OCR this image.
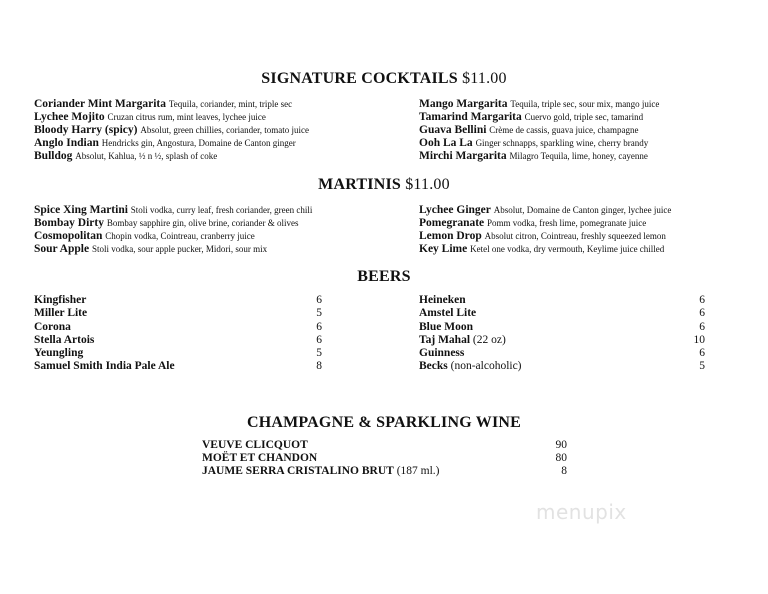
SIGNATURE COCKTAILS $11.00
Coriander Mint Margarita Tequila, coriander, mint, triple sec
Lychee Mojito Cruzan citrus rum, mint leaves, lychee juice
Bloody Harry (spicy) Absolut, green chillies, coriander, tomato juice
Anglo Indian Hendricks gin, Angostura, Domaine de Canton ginger
Bulldog Absolut, Kahlua, ½ n ½, splash of coke
Mango Margarita Tequila, triple sec, sour mix, mango juice
Tamarind Margarita Cuervo gold, triple sec, tamarind
Guava Bellini Crème de cassis, guava juice, champagne
Ooh La La Ginger schnapps, sparkling wine, cherry brandy
Mirchi Margarita Milagro Tequila, lime, honey, cayenne
MARTINIS $11.00
Spice Xing Martini Stoli vodka, curry leaf, fresh coriander, green chili
Bombay Dirty Bombay sapphire gin, olive brine, coriander & olives
Cosmopolitan Chopin vodka, Cointreau, cranberry juice
Sour Apple Stoli vodka, sour apple pucker, Midori, sour mix
Lychee Ginger Absolut, Domaine de Canton ginger, lychee juice
Pomegranate Pomm vodka, fresh lime, pomegranate juice
Lemon Drop Absolut citron, Cointreau, freshly squeezed lemon
Key Lime Ketel one vodka, dry vermouth, Keylime juice chilled
BEERS
Kingfisher	6
Miller Lite	5
Corona	6
Stella Artois	6
Yeungling	5
Samuel Smith India Pale Ale	8
Heineken	6
Amstel Lite	6
Blue Moon	6
Taj Mahal (22 oz)	10
Guinness	6
Becks (non-alcoholic)	5
CHAMPAGNE & SPARKLING WINE
VEUVE CLICQUOT	90
MOËT ET CHANDON	80
JAUME SERRA CRISTALINO BRUT (187 ml.)	8
menupix
